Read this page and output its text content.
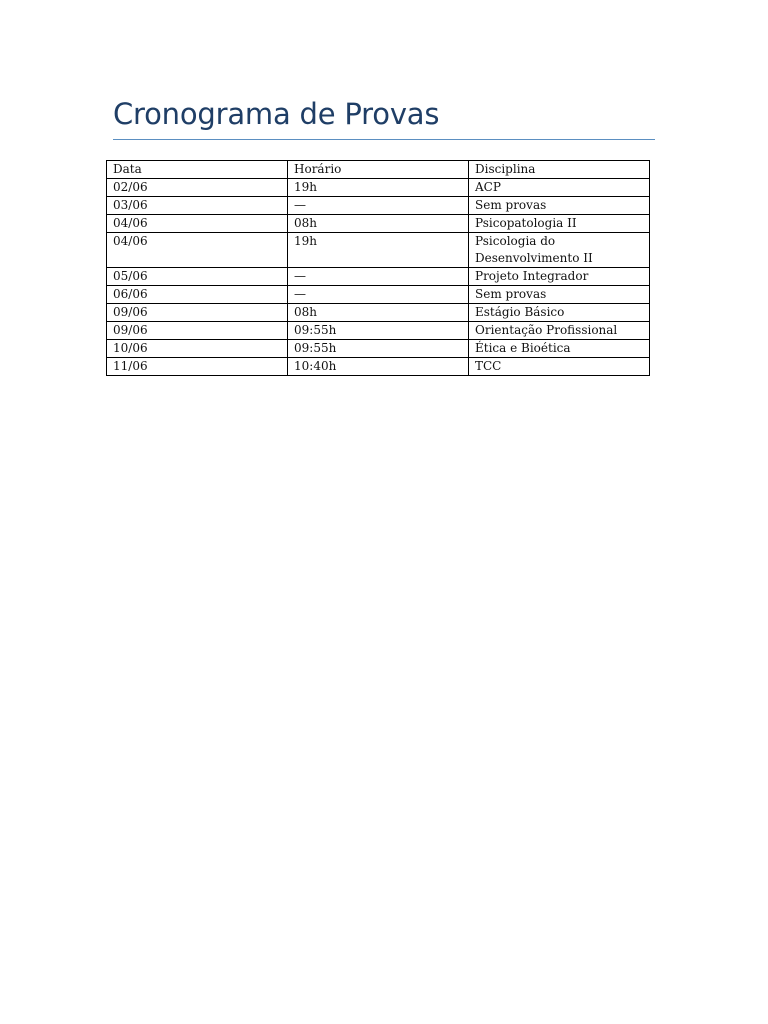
Cronograma de Provas
Data	Horário	Disciplina
02/06	19h	ACP
03/06	—	Sem provas
04/06	08h	Psicopatologia II
04/06	19h	Psicologia do Desenvolvimento II
05/06	—	Projeto Integrador
06/06	—	Sem provas
09/06	08h	Estágio Básico
09/06	09:55h	Orientação Profissional
10/06	09:55h	Ética e Bioética
11/06	10:40h	TCC
